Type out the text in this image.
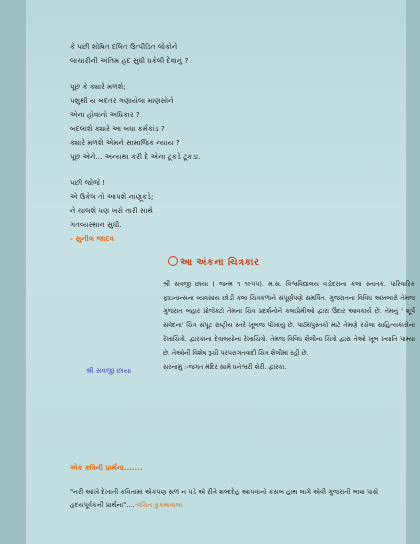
કે પછી શોષિત દલિત ઉત્પીડિત લોકોને

લાચારીની અંતિમ હદ સુધી ધકેલી દેવાનું ?

પૂછ કે ક્યારે મળશે;

પશુથી ય બદતર ગણાયેલા માણસોને

એના હોવાનો અધિકાર ?

બદલાશે ક્યારે આ બધા કર્મકાંડ ?

ક્યારે મળશે એમને સામાજિક ન્યાય ?

પૂછ એને... અન્યથા કરી દે એના ટૂકડે ટૂકડા.

પછી જોજે !

એ ઉકેલ તો આપશે નાણૂકડે;

ને ચાલશે પણ ખરો તારી સાથે

ગંતવ્યસ્થાન સુધી.

- સુનીલ જાદવ

આ અંકના ચિત્રકાર

શ્રી સવજી છાયા ( જન્મ ૧ ૧૯૫૫). મ.સ. વિશ્વવિદ્યાલય વડોદરાના કલા સ્નાતક. પારિવારિક ફાઇનાન્સના વ્યવસાય છોડી કલા ચિત્રકળાને સંપૂર્ણપણે સમર્પિત. ગુજરાતના વિવિધ અખબારો તેમજ ગુજરાત બહાર પ્રોજેક્ટો તેમના ચિત્ર પ્રદર્શનોને કલાપ્રેમીઓ દ્વારા ઉદાર આવકાર્ય છે. તેમનું ' શૂર્પ સંવેદના' ચિત્ર સંપૂટ રાષ્ટ્રીય સ્તરે ખૂબજ પોંખાયું છે. પાઠ્યપુસ્તકો માટે તેમણે રચેલા સાહિત્યકારોના રેખાચિત્રો. દ્વારકાના દેવાલયોના રેખાચિત્રો. તેમજ વિવિધ શૈલીના ચિત્રો દ્વારા તેઓ ખૂબ ખ્યાતિ પામ્યા છે. તેઓની વિશેષ રૂચી પરંપરાગતવાદી ચિત્ર શૈલીમાં રહી છે.

સરનામું :-જગત મંદિર સામે ધનેશ્વરી શેરી. દ્વારકા.
શ્રી સવજી છાયા
એક કવિની પ્રાર્થના.......

"નરી આંખે દેખાતી કવિતામાં એકપણ સળ ન પડે એ રીતે શબ્દદેહ આપવાનો કસબ હાથ લાગે એવી ગુજરાતી ભાષા પાસે હૃદયપૂર્વકની પ્રાર્થના"....-વંચિત કુકમાવાલા
